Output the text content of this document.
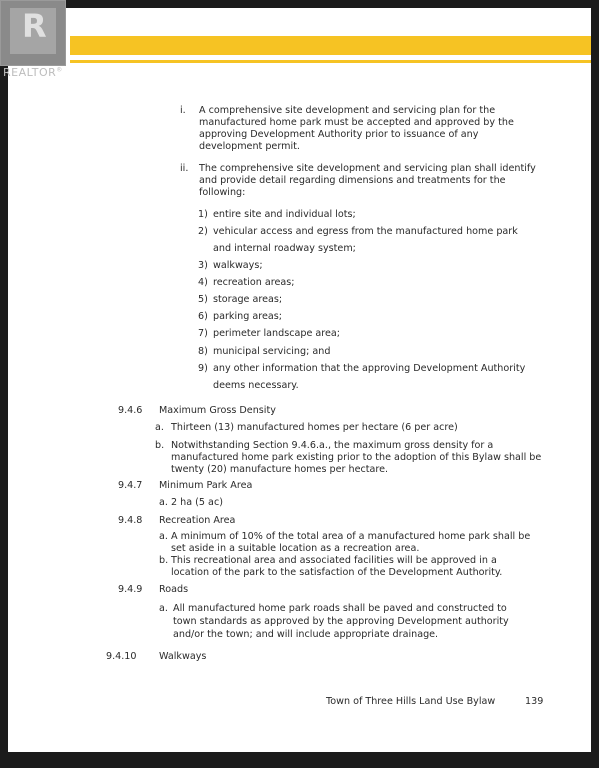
i. A comprehensive site development and servicing plan for the
manufactured home park must be accepted and approved by the
approving Development Authority prior to issuance of any
development permit.
ii. The comprehensive site development and servicing plan shall identify
and provide detail regarding dimensions and treatments for the
following:
1) entire site and individual lots;
2) vehicular access and egress from the manufactured home park
and internal roadway system;
3) walkways;
4) recreation areas;
5) storage areas;
6) parking areas;
7) perimeter landscape area;
8) municipal servicing; and
9) any other information that the approving Development Authority
deems necessary.
9.4.6 Maximum Gross Density
a. Thirteen (13) manufactured homes per hectare (6 per acre)
b. Notwithstanding Section 9.4.6.a., the maximum gross density for a
manufactured home park existing prior to the adoption of this Bylaw shall be
twenty (20) manufacture homes per hectare.
9.4.7 Minimum Park Area
a. 2 ha (5 ac)
9.4.8 Recreation Area
a. A minimum of 10% of the total area of a manufactured home park shall be
set aside in a suitable location as a recreation area.
b. This recreational area and associated facilities will be approved in a
location of the park to the satisfaction of the Development Authority.
9.4.9 Roads
a. All manufactured home park roads shall be paved and constructed to
town standards as approved by the approving Development authority
and/or the town; and will include appropriate drainage.
9.4.10 Walkways
Town of Three Hills Land Use Bylaw	139
R
REALTOR®
